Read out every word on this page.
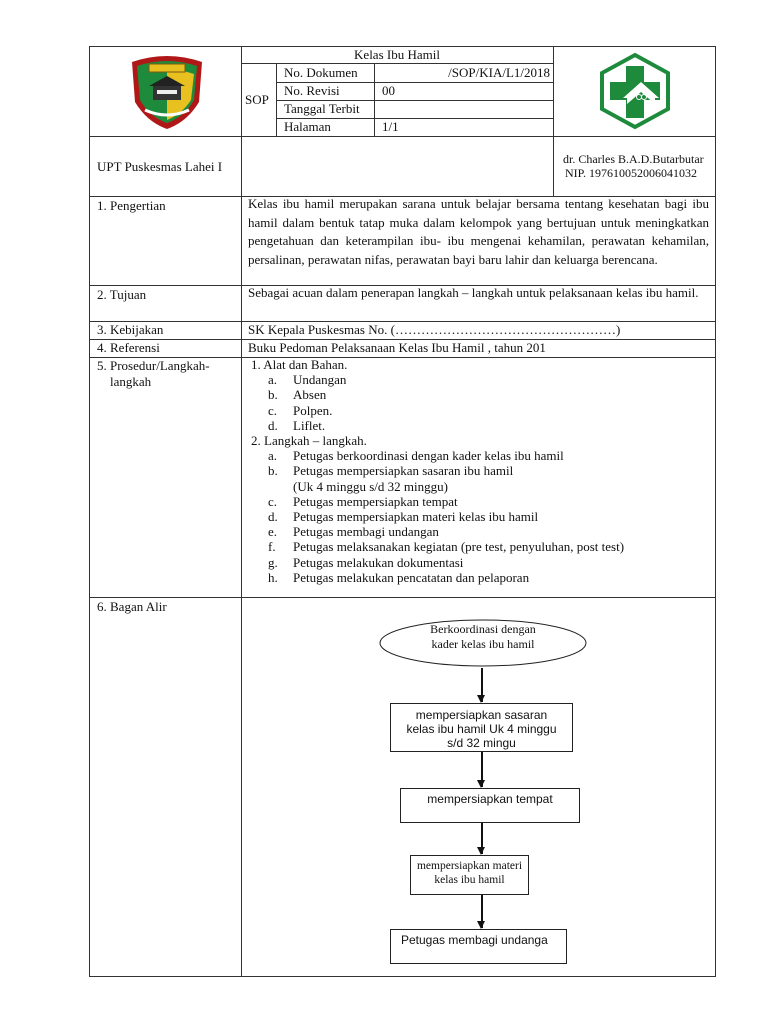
Kelas Ibu Hamil
SOP
No. Dokumen	/SOP/KIA/L1/2018
No. Revisi	00
Tanggal Terbit
Halaman	1/1
UPT Puskesmas Lahei I	dr. Charles B.A.D.Butarbutar
NIP. 197610052006041032
1. Pengertian	Kelas ibu hamil merupakan sarana untuk belajar bersama tentang kesehatan bagi ibu hamil dalam bentuk tatap muka dalam kelompok yang bertujuan untuk meningkatkan pengetahuan dan keterampilan ibu- ibu mengenai kehamilan, perawatan kehamilan, persalinan, perawatan nifas, perawatan bayi baru lahir dan keluarga berencana.
2. Tujuan	Sebagai acuan dalam penerapan langkah – langkah untuk pelaksanaan kelas ibu hamil.
3. Kebijakan	SK Kepala Puskesmas No. (……………………………………………)
4. Referensi	Buku Pedoman Pelaksanaan Kelas Ibu Hamil , tahun 201
5. Prosedur/Langkah-
langkah
1. Alat dan Bahan.
a.	Undangan
b.	Absen
c.	Polpen.
d.	Liflet.
2. Langkah – langkah.
a.	Petugas berkoordinasi dengan kader kelas ibu hamil
b.	Petugas mempersiapkan sasaran ibu hamil
(Uk 4 minggu s/d 32 minggu)
c.	Petugas mempersiapkan tempat
d.	Petugas mempersiapkan materi kelas ibu hamil
e.	Petugas membagi undangan
f.	Petugas melaksanakan kegiatan (pre test, penyuluhan, post test)
g.	Petugas melakukan dokumentasi
h.	Petugas melakukan pencatatan dan pelaporan
6. Bagan Alir
Berkoordinasi dengan
kader kelas ibu hamil
mempersiapkan sasaran
kelas ibu hamil Uk 4 minggu
s/d 32 mingu
mempersiapkan tempat
mempersiapkan materi
kelas ibu hamil
Petugas membagi undanga
